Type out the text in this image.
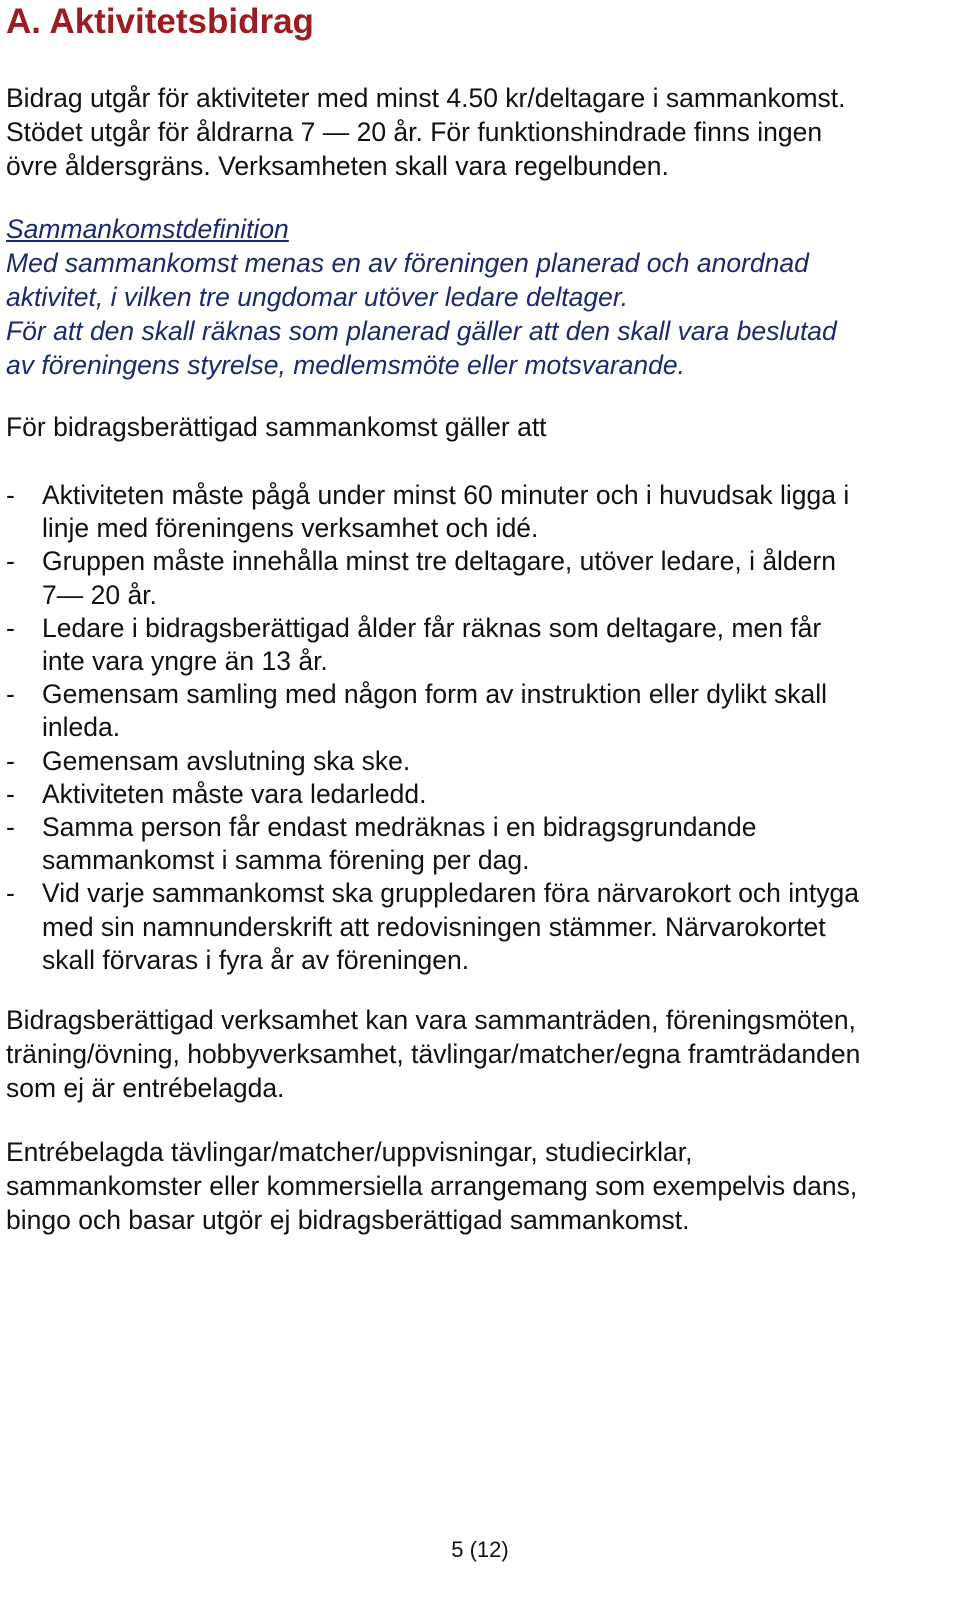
A. Aktivitetsbidrag

Bidrag utgår för aktiviteter med minst 4.50 kr/deltagare i sammankomst.
Stödet utgår för åldrarna 7 — 20 år. För funktionshindrade finns ingen
övre åldersgräns. Verksamheten skall vara regelbunden.

Sammankomstdefinition
Med sammankomst menas en av föreningen planerad och anordnad
aktivitet, i vilken tre ungdomar utöver ledare deltager.
För att den skall räknas som planerad gäller att den skall vara beslutad
av föreningens styrelse, medlemsmöte eller motsvarande.

För bidragsberättigad sammankomst gäller att

- Aktiviteten måste pågå under minst 60 minuter och i huvudsak ligga i
linje med föreningens verksamhet och idé.
- Gruppen måste innehålla minst tre deltagare, utöver ledare, i åldern
7— 20 år.
- Ledare i bidragsberättigad ålder får räknas som deltagare, men får
inte vara yngre än 13 år.
- Gemensam samling med någon form av instruktion eller dylikt skall
inleda.
- Gemensam avslutning ska ske.
- Aktiviteten måste vara ledarledd.
- Samma person får endast medräknas i en bidragsgrundande
sammankomst i samma förening per dag.
- Vid varje sammankomst ska gruppledaren föra närvarokort och intyga
med sin namnunderskrift att redovisningen stämmer. Närvarokortet
skall förvaras i fyra år av föreningen.

Bidragsberättigad verksamhet kan vara sammanträden, föreningsmöten,
träning/övning, hobbyverksamhet, tävlingar/matcher/egna framträdanden
som ej är entrébelagda.

Entrébelagda tävlingar/matcher/uppvisningar, studiecirklar,
sammankomster eller kommersiella arrangemang som exempelvis dans,
bingo och basar utgör ej bidragsberättigad sammankomst.

5 (12)
